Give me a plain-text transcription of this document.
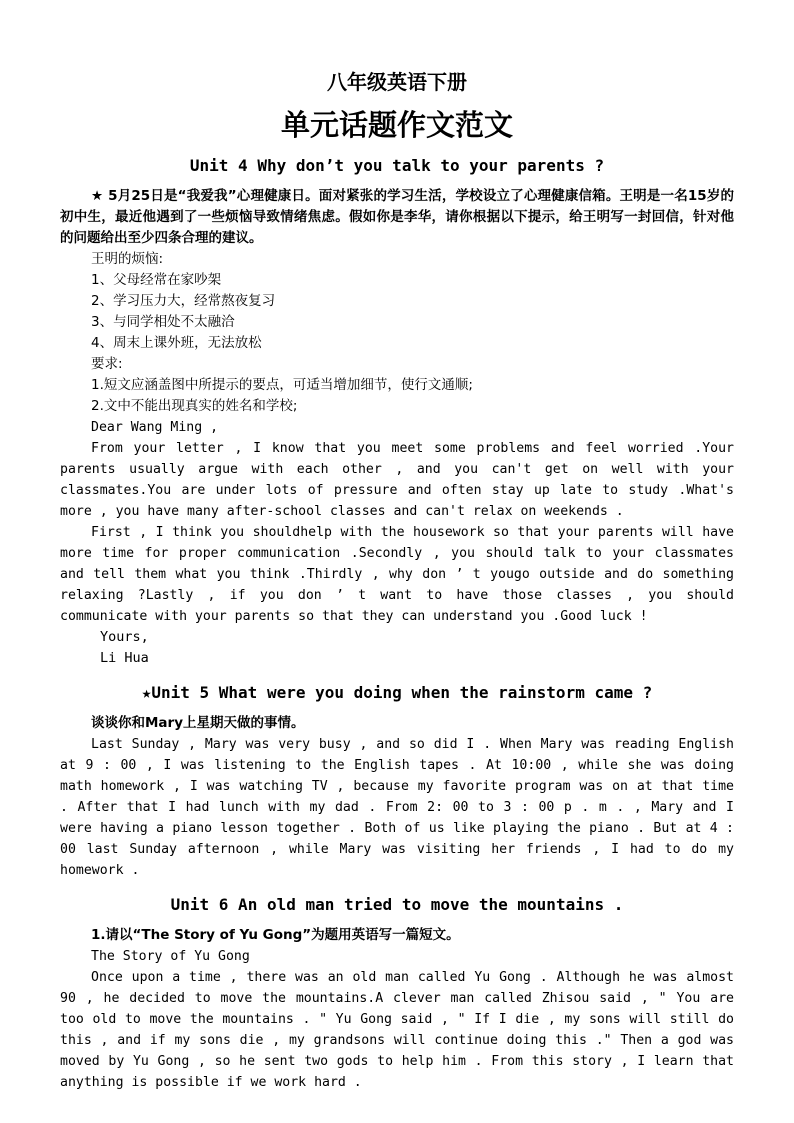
八年级英语下册

单元话题作文范文

Unit 4 Why don’t you talk to your parents ?

★ 5月25日是“我爱我”心理健康日。面对紧张的学习生活，学校设立了心理健康信箱。王明是一名15岁的初中生，最近他遇到了一些烦恼导致情绪焦虑。假如你是李华，请你根据以下提示，给王明写一封回信，针对他的问题给出至少四条合理的建议。

王明的烦恼:

1、父母经常在家吵架

2、学习压力大，经常熬夜复习

3、与同学相处不太融洽

4、周末上课外班，无法放松

要求:

1.短文应涵盖图中所提示的要点，可适当增加细节，使行文通顺;

2.文中不能出现真实的姓名和学校;

Dear Wang Ming ,

From your letter , I know that you meet some problems and feel worried .Your parents usually argue with each other , and you can't get on well with your classmates.You are under lots of pressure and often stay up late to study .What's more , you have many after-school classes and can't relax on weekends .

First , I think you shouldhelp with the housework so that your parents will have more time for proper communication .Secondly , you should talk to your classmates and tell them what you think .Thirdly , why don ’ t yougo outside and do something relaxing ?Lastly , if you don ’ t want to have those classes , you should communicate with your parents so that they can understand you .Good luck !

Yours,

Li Hua

★Unit 5 What were you doing when the rainstorm came ?

谈谈你和Mary上星期天做的事情。

Last Sunday , Mary was very busy , and so did I . When Mary was reading English at 9 : 00 , I was listening to the English tapes . At 10:00 , while she was doing math homework , I was watching TV , because my favorite program was on at that time . After that I had lunch with my dad . From 2: 00 to 3 : 00 p . m . , Mary and I were having a piano lesson together . Both of us like playing the piano . But at 4 : 00 last Sunday afternoon , while Mary was visiting her friends , I had to do my homework .

Unit 6 An old man tried to move the mountains .

1.请以“The Story of Yu Gong”为题用英语写一篇短文。

The Story of Yu Gong

Once upon a time , there was an old man called Yu Gong . Although he was almost 90 , he decided to move the mountains.A clever man called Zhisou said , " You are too old to move the mountains . " Yu Gong said , " If I die , my sons will still do this , and if my sons die , my grandsons will continue doing this ." Then a god was moved by Yu Gong , so he sent two gods to help him . From this story , I learn that anything is possible if we work hard .
